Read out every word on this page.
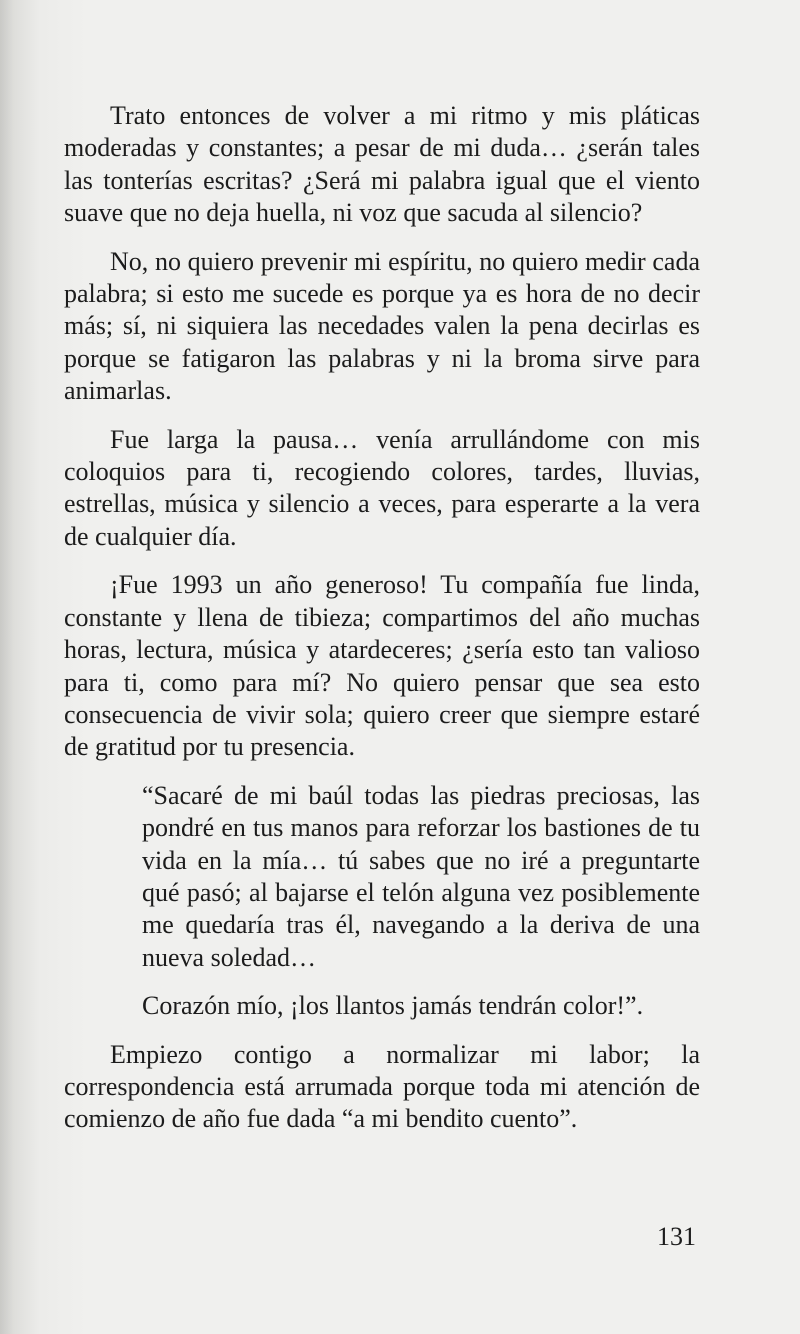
Trato entonces de volver a mi ritmo y mis pláticas moderadas y constantes; a pesar de mi duda… ¿serán tales las tonterías escritas? ¿Será mi palabra igual que el viento suave que no deja huella, ni voz que sacuda al silencio?

No, no quiero prevenir mi espíritu, no quiero medir cada palabra; si esto me sucede es porque ya es hora de no decir más; sí, ni siquiera las necedades valen la pena decirlas es porque se fatigaron las palabras y ni la broma sirve para animarlas.

Fue larga la pausa… venía arrullándome con mis coloquios para ti, recogiendo colores, tardes, lluvias, estrellas, música y silencio a veces, para esperarte a la vera de cualquier día.

¡Fue 1993 un año generoso! Tu compañía fue linda, constante y llena de tibieza; compartimos del año muchas horas, lectura, música y atardeceres; ¿sería esto tan valioso para ti, como para mí? No quiero pensar que sea esto consecuencia de vivir sola; quiero creer que siempre estaré de gratitud por tu presencia.

“Sacaré de mi baúl todas las piedras preciosas, las pondré en tus manos para reforzar los bastiones de tu vida en la mía… tú sabes que no iré a preguntarte qué pasó; al bajarse el telón alguna vez posiblemente me quedaría tras él, navegando a la deriva de una nueva soledad…

Corazón mío, ¡los llantos jamás tendrán color!”.

Empiezo contigo a normalizar mi labor; la correspondencia está arrumada porque toda mi atención de comienzo de año fue dada “a mi bendito cuento”.

131
